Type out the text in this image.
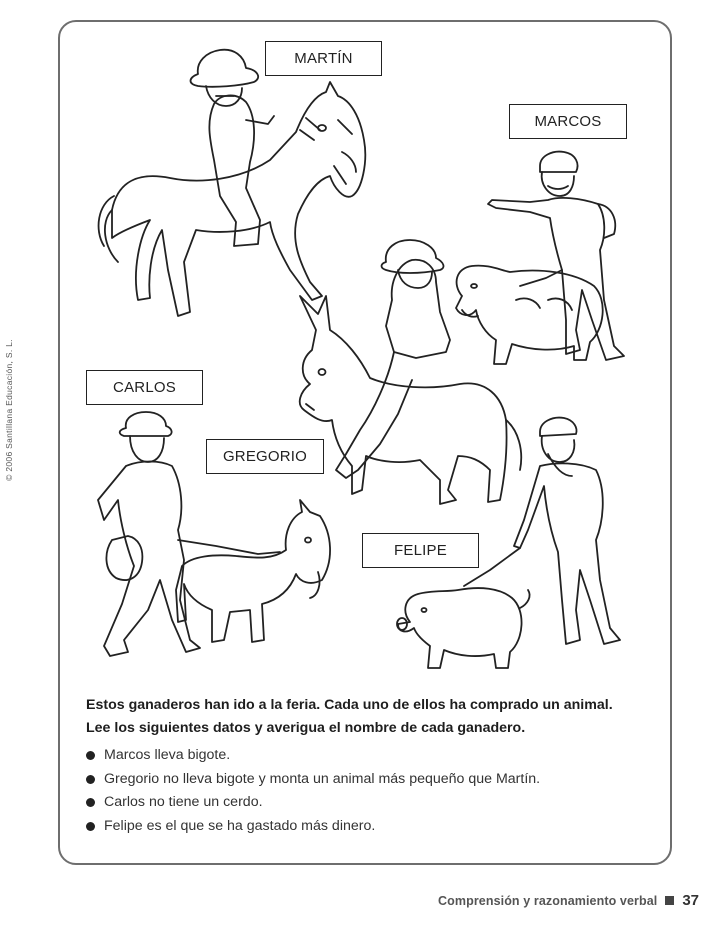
© 2006 Santillana Educación, S. L.
MARTÍN
MARCOS
CARLOS
GREGORIO
FELIPE

Estos ganaderos han ido a la feria. Cada uno de ellos ha comprado un animal.

Lee los siguientes datos y averigua el nombre de cada ganadero.

Marcos lleva bigote.
Gregorio no lleva bigote y monta un animal más pequeño que Martín.
Carlos no tiene un cerdo.
Felipe es el que se ha gastado más dinero.
Comprensión y razonamiento verbal 37
